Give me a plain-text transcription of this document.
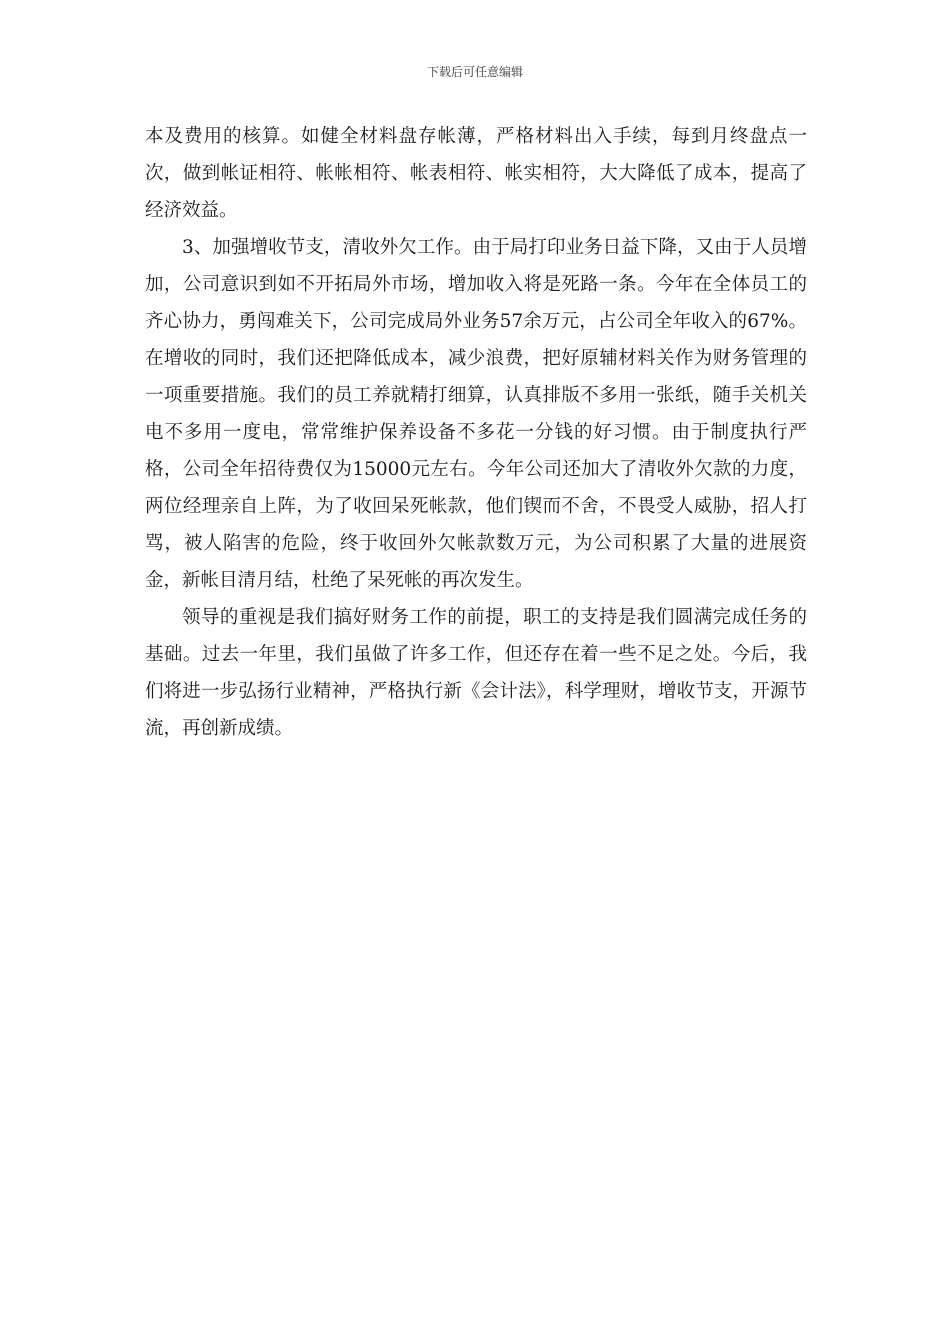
下载后可任意编辑

本及费用的核算。如健全材料盘存帐薄，严格材料出入手续，每到月终盘点一次，做到帐证相符、帐帐相符、帐表相符、帐实相符，大大降低了成本，提高了经济效益。

3、加强增收节支，清收外欠工作。由于局打印业务日益下降，又由于人员增加，公司意识到如不开拓局外市场，增加收入将是死路一条。今年在全体员工的齐心协力，勇闯难关下，公司完成局外业务57余万元，占公司全年收入的67%。在增收的同时，我们还把降低成本，减少浪费，把好原辅材料关作为财务管理的一项重要措施。我们的员工养就精打细算，认真排版不多用一张纸，随手关机关电不多用一度电，常常维护保养设备不多花一分钱的好习惯。由于制度执行严格，公司全年招待费仅为15000元左右。今年公司还加大了清收外欠款的力度，两位经理亲自上阵，为了收回呆死帐款，他们锲而不舍，不畏受人威胁，招人打骂，被人陷害的危险，终于收回外欠帐款数万元，为公司积累了大量的进展资金，新帐目清月结，杜绝了呆死帐的再次发生。

领导的重视是我们搞好财务工作的前提，职工的支持是我们圆满完成任务的基础。过去一年里，我们虽做了许多工作，但还存在着一些不足之处。今后，我们将进一步弘扬行业精神，严格执行新《会计法》，科学理财，增收节支，开源节流，再创新成绩。
